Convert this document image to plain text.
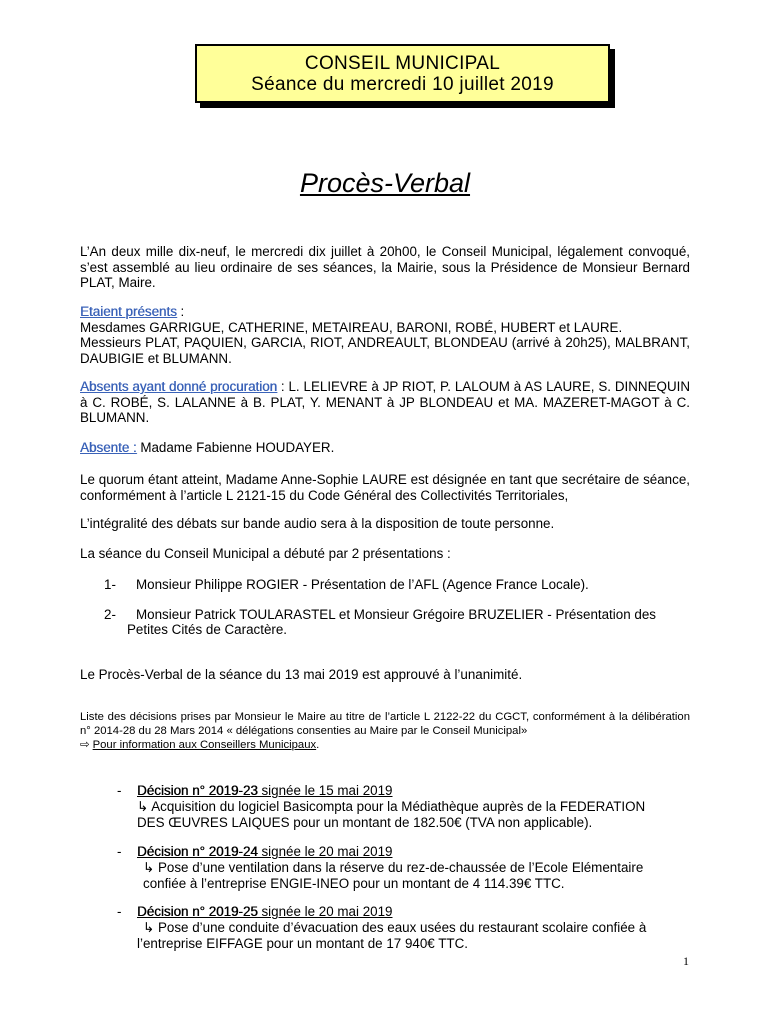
CONSEIL MUNICIPAL
Séance du mercredi 10 juillet 2019
Procès-Verbal

L’An deux mille dix-neuf, le mercredi dix juillet à 20h00, le Conseil Municipal, légalement convoqué, s’est assemblé au lieu ordinaire de ses séances, la Mairie, sous la Présidence de Monsieur Bernard PLAT, Maire.

Etaient présents :

Mesdames GARRIGUE, CATHERINE, METAIREAU, BARONI, ROBÉ, HUBERT et LAURE.

Messieurs PLAT, PAQUIEN, GARCIA, RIOT, ANDREAULT, BLONDEAU (arrivé à 20h25), MALBRANT, DAUBIGIE et BLUMANN.

Absents ayant donné procuration : L. LELIEVRE à JP RIOT, P. LALOUM à AS LAURE, S. DINNEQUIN à C. ROBÉ, S. LALANNE à B. PLAT, Y. MENANT à JP BLONDEAU et MA. MAZERET-MAGOT à C. BLUMANN.

Absente : Madame Fabienne HOUDAYER.

Le quorum étant atteint, Madame Anne-Sophie LAURE est désignée en tant que secrétaire de séance, conformément à l’article L 2121-15 du Code Général des Collectivités Territoriales,

L’intégralité des débats sur bande audio sera à la disposition de toute personne.

La séance du Conseil Municipal a débuté par 2 présentations :

1- Monsieur Philippe ROGIER - Présentation de l’AFL (Agence France Locale).
2- Monsieur Patrick TOULARASTEL et Monsieur Grégoire BRUZELIER - Présentation des
Petites Cités de Caractère.

Le Procès-Verbal de la séance du 13 mai 2019 est approuvé à l’unanimité.

Liste des décisions prises par Monsieur le Maire au titre de l’article L 2122-22 du CGCT, conformément à la délibération n° 2014-28 du 28 Mars 2014 « délégations consenties au Maire par le Conseil Municipal»
⇨ Pour information aux Conseillers Municipaux.

- Décision n° 2019-23 signée le 15 mai 2019
↳ Acquisition du logiciel Basicompta pour la Médiathèque auprès de la FEDERATION
DES ŒUVRES LAIQUES pour un montant de 182.50€ (TVA non applicable).
- Décision n° 2019-24 signée le 20 mai 2019
↳ Pose d’une ventilation dans la réserve du rez-de-chaussée de l’Ecole Elémentaire
confiée à l’entreprise ENGIE-INEO pour un montant de 4 114.39€ TTC.
- Décision n° 2019-25 signée le 20 mai 2019
↳ Pose d’une conduite d’évacuation des eaux usées du restaurant scolaire confiée à
l’entreprise EIFFAGE pour un montant de 17 940€ TTC.
1
